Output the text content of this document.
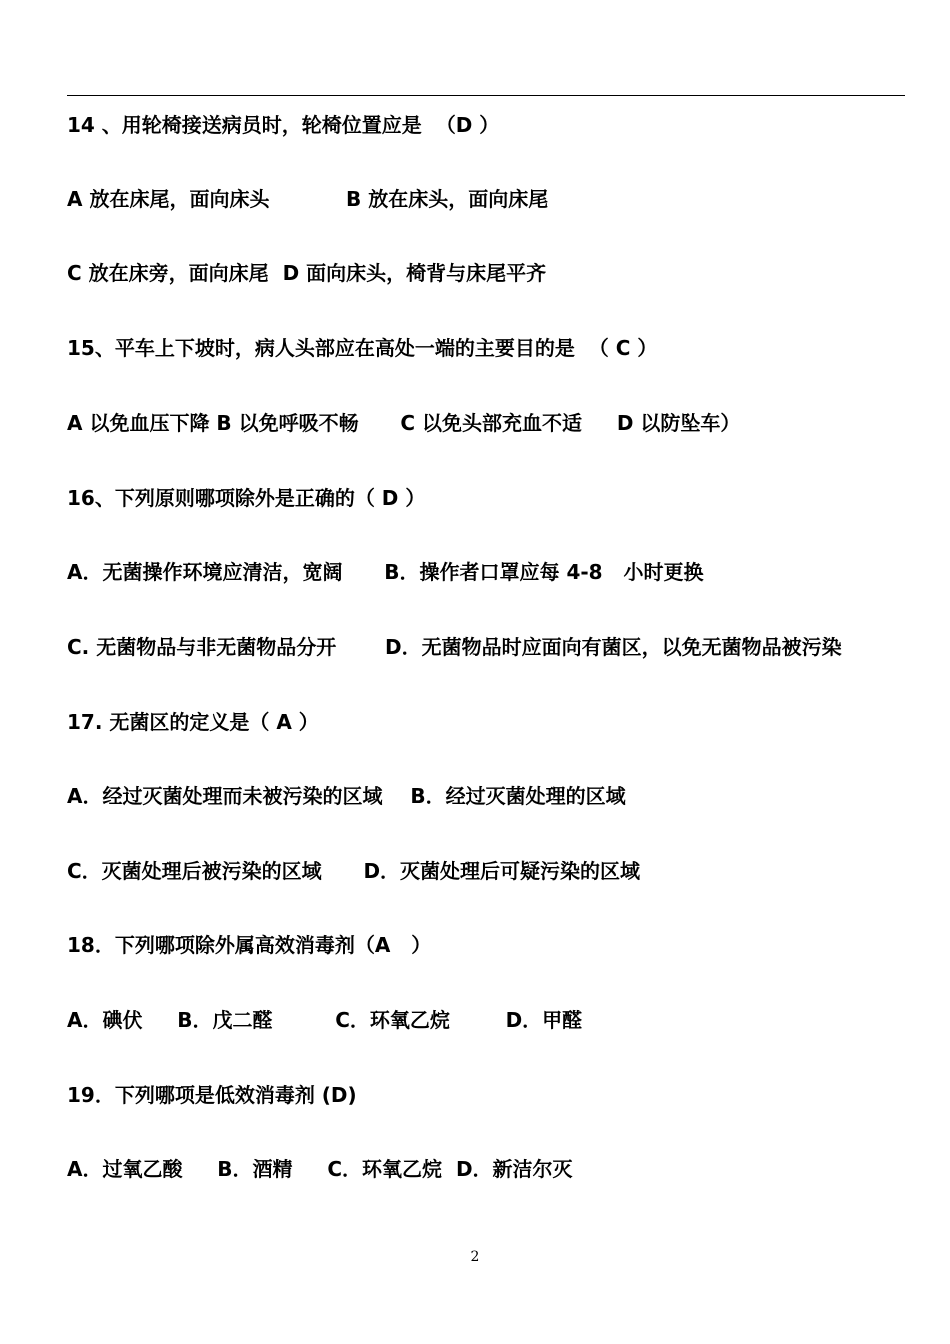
14 、用轮椅接送病员时，轮椅位置应是  （D ）
A 放在床尾，面向床头           B 放在床头，面向床尾
C 放在床旁，面向床尾  D 面向床头，椅背与床尾平齐
15、平车上下坡时，病人头部应在高处一端的主要目的是  （ C ）
A 以免血压下降 B 以免呼吸不畅      C 以免头部充血不适     D 以防坠车）
16、下列原则哪项除外是正确的（ D ）
A．无菌操作环境应清洁，宽阔      B．操作者口罩应每 4-8   小时更换
C. 无菌物品与非无菌物品分开       D．无菌物品时应面向有菌区，以免无菌物品被污染
17. 无菌区的定义是（ A ）
A．经过灭菌处理而未被污染的区域    B．经过灭菌处理的区域
C．灭菌处理后被污染的区域      D．灭菌处理后可疑污染的区域
18．下列哪项除外属高效消毒剂（A   ）
A．碘伏     B．戊二醛         C．环氧乙烷        D．甲醛
19．下列哪项是低效消毒剂 (D)
A．过氧乙酸     B．酒精     C．环氧乙烷  D．新洁尔灭
2
